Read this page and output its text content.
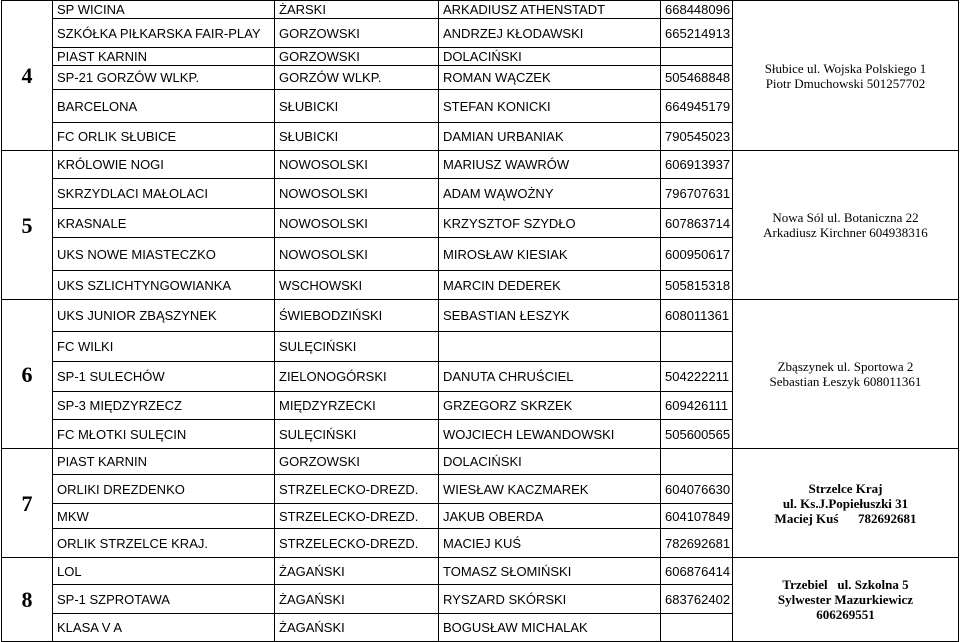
4	SP WICINA	ŻARSKI	ARKADIUSZ ATHENSTADT	668448096	Słubice ul. Wojska Polskiego 1
Piotr Dmuchowski 501257702

	SZKÓŁKA PIŁKARSKA FAIR-PLAY	GORZOWSKI	ANDRZEJ KŁODAWSKI	665214913	
	PIAST KARNIN	GORZOWSKI	DOLACIŃSKI		
	SP-21 GORZÓW WLKP.	GORZÓW WLKP.	ROMAN WĄCZEK	505468848	
	BARCELONA	SŁUBICKI	STEFAN KONICKI	664945179	
	FC ORLIK SŁUBICE	SŁUBICKI	DAMIAN URBANIAK	790545023	
5	KRÓLOWIE NOGI	NOWOSOLSKI	MARIUSZ WAWRÓW	606913937	Nowa Sól ul. Botaniczna 22
Arkadiusz Kirchner 604938316

	SKRZYDLACI MAŁOLACI	NOWOSOLSKI	ADAM WĄWOŻNY	796707631	
	KRASNALE	NOWOSOLSKI	KRZYSZTOF SZYDŁO	607863714	
	UKS NOWE MIASTECZKO	NOWOSOLSKI	MIROSŁAW KIESIAK	600950617	
	UKS SZLICHTYNGOWIANKA	WSCHOWSKI	MARCIN DEDEREK	505815318	
6	UKS JUNIOR ZBĄSZYNEK	ŚWIEBODZIŃSKI	SEBASTIAN ŁESZYK	608011361	Zbąszynek ul. Sportowa 2
Sebastian Łeszyk 608011361

	FC WILKI	SULĘCIŃSKI			
	SP-1 SULECHÓW	ZIELONOGÓRSKI	DANUTA CHRUŚCIEL	504222211	
	SP-3 MIĘDZYRZECZ	MIĘDZYRZECKI	GRZEGORZ SKRZEK	609426111	
	FC MŁOTKI SULĘCIN	SULĘCIŃSKI	WOJCIECH LEWANDOWSKI	505600565	
7	PIAST KARNIN	GORZOWSKI	DOLACIŃSKI		Strzelce Kraj
ul. Ks.J.Popiełuszki 31
Maciej Kuś      782692681

	ORLIKI DREZDENKO	STRZELECKO-DREZD.	WIESŁAW KACZMAREK	604076630	
	MKW	STRZELECKO-DREZD.	JAKUB OBERDA	604107849	
	ORLIK STRZELCE KRAJ.	STRZELECKO-DREZD.	MACIEJ KUŚ	782692681	
8	LOL	ŻAGAŃSKI	TOMASZ SŁOMIŃSKI	606876414	Trzebiel   ul. Szkolna 5
Sylwester Mazurkiewicz
606269551

	SP-1 SZPROTAWA	ŻAGAŃSKI	RYSZARD SKÓRSKI	683762402	
	KLASA V A	ŻAGAŃSKI	BOGUSŁAW MICHALAK		
